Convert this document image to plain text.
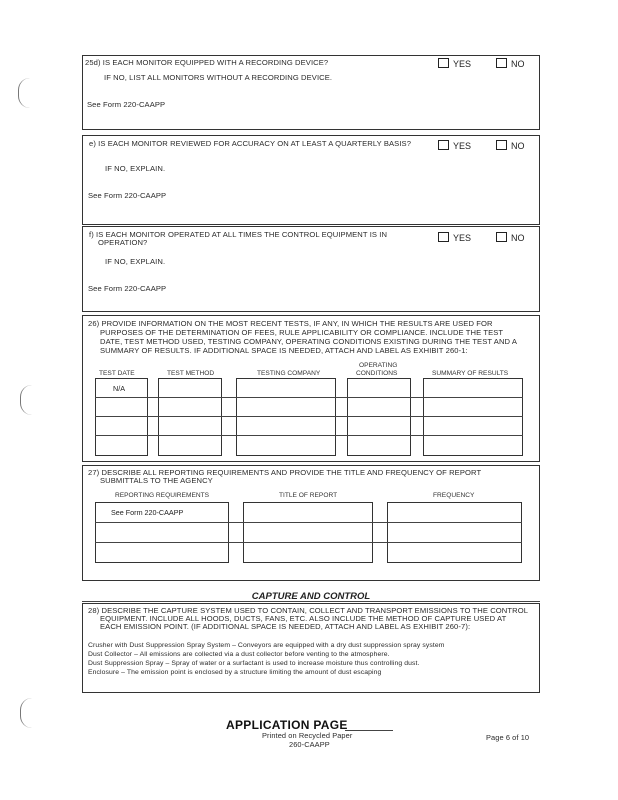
25d) IS EACH MONITOR EQUIPPED WITH A RECORDING DEVICE?
IF NO, LIST ALL MONITORS WITHOUT A RECORDING DEVICE.
See Form 220-CAAPP
YES	NO
e) IS EACH MONITOR REVIEWED FOR ACCURACY ON AT LEAST A QUARTERLY BASIS?
IF NO, EXPLAIN.
See Form 220-CAAPP
YES	NO
f) IS EACH MONITOR OPERATED AT ALL TIMES THE CONTROL EQUIPMENT IS IN
OPERATION?
IF NO, EXPLAIN.
See Form 220-CAAPP
YES	NO
26) PROVIDE INFORMATION ON THE MOST RECENT TESTS, IF ANY, IN WHICH THE RESULTS ARE USED FOR
PURPOSES OF THE DETERMINATION OF FEES, RULE APPLICABILITY OR COMPLIANCE. INCLUDE THE TEST
DATE, TEST METHOD USED, TESTING COMPANY, OPERATING CONDITIONS EXISTING DURING THE TEST AND A
SUMMARY OF RESULTS. IF ADDITIONAL SPACE IS NEEDED, ATTACH AND LABEL AS EXHIBIT 260-1:
TEST DATE	TEST METHOD	TESTING COMPANY
OPERATING
CONDITIONS	SUMMARY OF RESULTS
N/A
27) DESCRIBE ALL REPORTING REQUIREMENTS AND PROVIDE THE TITLE AND FREQUENCY OF REPORT
SUBMITTALS TO THE AGENCY
REPORTING REQUIREMENTS	TITLE OF REPORT	FREQUENCY
See Form 220-CAAPP
CAPTURE AND CONTROL
28) DESCRIBE THE CAPTURE SYSTEM USED TO CONTAIN, COLLECT AND TRANSPORT EMISSIONS TO THE CONTROL
EQUIPMENT. INCLUDE ALL HOODS, DUCTS, FANS, ETC. ALSO INCLUDE THE METHOD OF CAPTURE USED AT
EACH EMISSION POINT. (IF ADDITIONAL SPACE IS NEEDED, ATTACH AND LABEL AS EXHIBIT 260-7):
Crusher with Dust Suppression Spray System – Conveyors are equipped with a dry dust suppression spray system
Dust Collector – All emissions are collected via a dust collector before venting to the atmosphere.
Dust Suppression Spray – Spray of water or a surfactant is used to increase moisture thus controlling dust.
Enclosure – The emission point is enclosed by a structure limiting the amount of dust escaping
APPLICATION PAGE
Printed on Recycled Paper
260-CAAPP
Page 6 of 10
